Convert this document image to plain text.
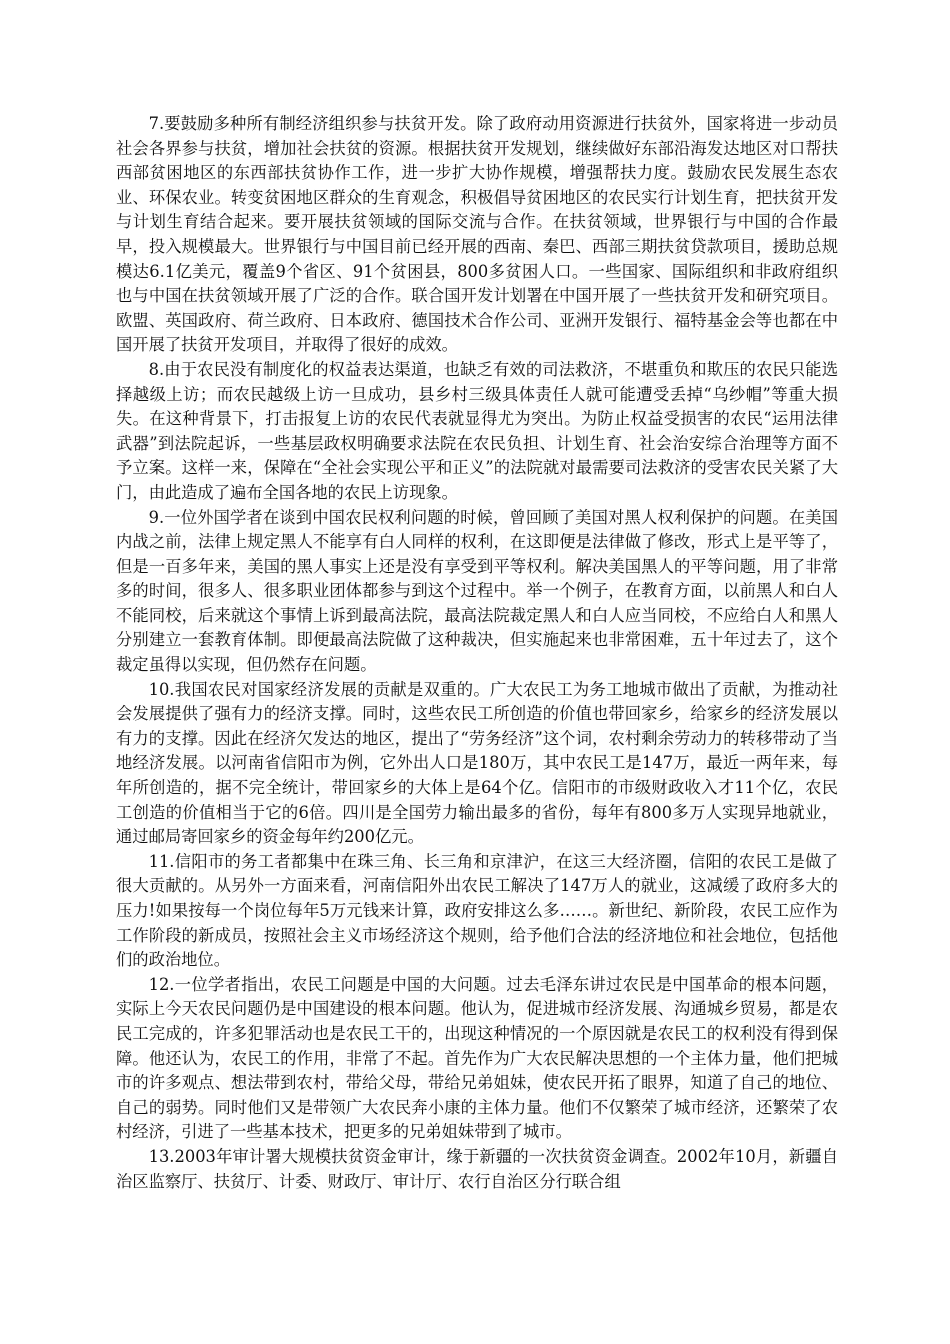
7.要鼓励多种所有制经济组织参与扶贫开发。除了政府动用资源进行扶贫外，国家将进一步动员社会各界参与扶贫，增加社会扶贫的资源。根据扶贫开发规划，继续做好东部沿海发达地区对口帮扶西部贫困地区的东西部扶贫协作工作，进一步扩大协作规模，增强帮扶力度。鼓励农民发展生态农业、环保农业。转变贫困地区群众的生育观念，积极倡导贫困地区的农民实行计划生育，把扶贫开发与计划生育结合起来。要开展扶贫领域的国际交流与合作。在扶贫领域，世界银行与中国的合作最早，投入规模最大。世界银行与中国目前已经开展的西南、秦巴、西部三期扶贫贷款项目，援助总规模达6.1亿美元，覆盖9个省区、91个贫困县，800多贫困人口。一些国家、国际组织和非政府组织也与中国在扶贫领域开展了广泛的合作。联合国开发计划署在中国开展了一些扶贫开发和研究项目。欧盟、英国政府、荷兰政府、日本政府、德国技术合作公司、亚洲开发银行、福特基金会等也都在中国开展了扶贫开发项目，并取得了很好的成效。

8.由于农民没有制度化的权益表达渠道，也缺乏有效的司法救济，不堪重负和欺压的农民只能选择越级上访；而农民越级上访一旦成功，县乡村三级具体责任人就可能遭受丢掉“乌纱帽”等重大损失。在这种背景下，打击报复上访的农民代表就显得尤为突出。为防止权益受损害的农民“运用法律武器”到法院起诉，一些基层政权明确要求法院在农民负担、计划生育、社会治安综合治理等方面不予立案。这样一来，保障在“全社会实现公平和正义”的法院就对最需要司法救济的受害农民关紧了大门，由此造成了遍布全国各地的农民上访现象。

9.一位外国学者在谈到中国农民权利问题的时候，曾回顾了美国对黑人权利保护的问题。在美国内战之前，法律上规定黑人不能享有白人同样的权利，在这即便是法律做了修改，形式上是平等了，但是一百多年来，美国的黑人事实上还是没有享受到平等权利。解决美国黑人的平等问题，用了非常多的时间，很多人、很多职业团体都参与到这个过程中。举一个例子，在教育方面，以前黑人和白人不能同校，后来就这个事情上诉到最高法院，最高法院裁定黑人和白人应当同校，不应给白人和黑人分别建立一套教育体制。即便最高法院做了这种裁决，但实施起来也非常困难，五十年过去了，这个裁定虽得以实现，但仍然存在问题。

10.我国农民对国家经济发展的贡献是双重的。广大农民工为务工地城市做出了贡献，为推动社会发展提供了强有力的经济支撑。同时，这些农民工所创造的价值也带回家乡，给家乡的经济发展以有力的支撑。因此在经济欠发达的地区，提出了“劳务经济”这个词，农村剩余劳动力的转移带动了当地经济发展。以河南省信阳市为例，它外出人口是180万，其中农民工是147万，最近一两年来，每年所创造的，据不完全统计，带回家乡的大体上是64个亿。信阳市的市级财政收入才11个亿，农民工创造的价值相当于它的6倍。四川是全国劳力输出最多的省份，每年有800多万人实现异地就业，通过邮局寄回家乡的资金每年约200亿元。

11.信阳市的务工者都集中在珠三角、长三角和京津沪，在这三大经济圈，信阳的农民工是做了很大贡献的。从另外一方面来看，河南信阳外出农民工解决了147万人的就业，这减缓了政府多大的压力!如果按每一个岗位每年5万元钱来计算，政府安排这么多……。新世纪、新阶段，农民工应作为工作阶段的新成员，按照社会主义市场经济这个规则，给予他们合法的经济地位和社会地位，包括他们的政治地位。

12.一位学者指出，农民工问题是中国的大问题。过去毛泽东讲过农民是中国革命的根本问题，实际上今天农民问题仍是中国建设的根本问题。他认为，促进城市经济发展、沟通城乡贸易，都是农民工完成的，许多犯罪活动也是农民工干的，出现这种情况的一个原因就是农民工的权利没有得到保障。他还认为，农民工的作用，非常了不起。首先作为广大农民解决思想的一个主体力量，他们把城市的许多观点、想法带到农村，带给父母，带给兄弟姐妹，使农民开拓了眼界，知道了自己的地位、自己的弱势。同时他们又是带领广大农民奔小康的主体力量。他们不仅繁荣了城市经济，还繁荣了农村经济，引进了一些基本技术，把更多的兄弟姐妹带到了城市。

13.2003年审计署大规模扶贫资金审计，缘于新疆的一次扶贫资金调查。2002年10月，新疆自治区监察厅、扶贫厅、计委、财政厅、审计厅、农行自治区分行联合组
